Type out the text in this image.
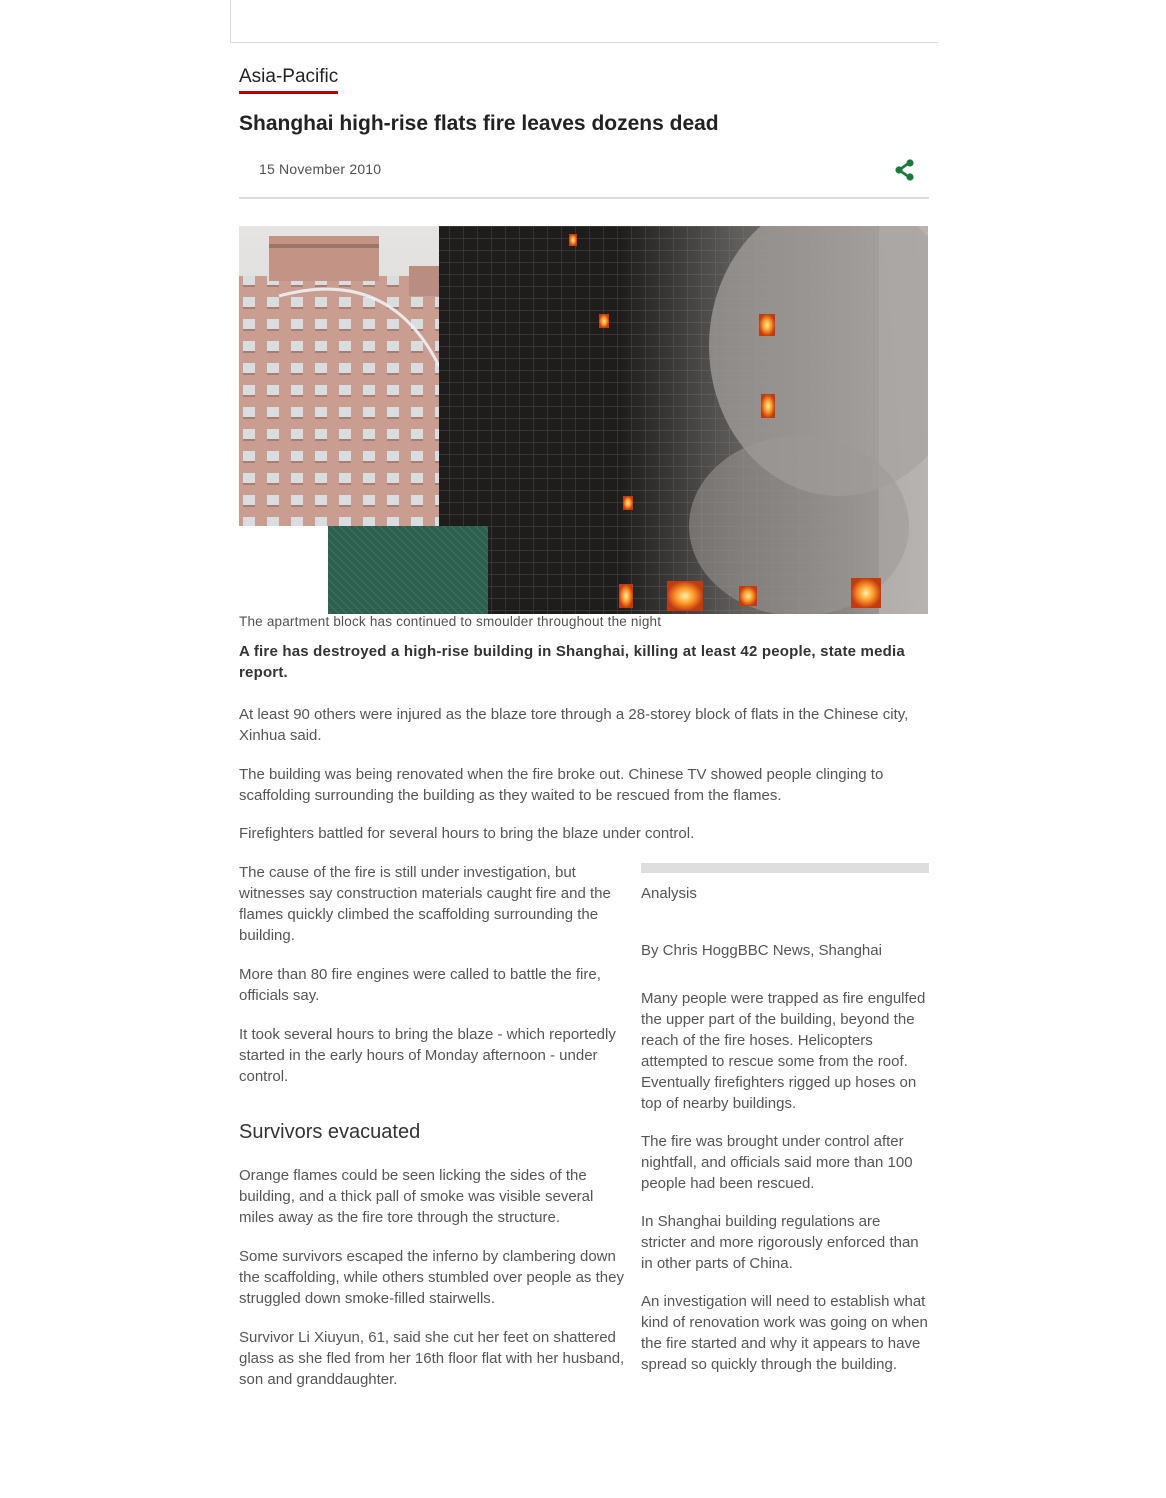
Asia-Pacific
Shanghai high-rise flats fire leaves dozens dead
15 November 2010
The apartment block has continued to smoulder throughout the night

A fire has destroyed a high-rise building in Shanghai, killing at least 42 people, state media report.

At least 90 others were injured as the blaze tore through a 28-storey block of flats in the Chinese city, Xinhua said.

The building was being renovated when the fire broke out. Chinese TV showed people clinging to scaffolding surrounding the building as they waited to be rescued from the flames.

Firefighters battled for several hours to bring the blaze under control.

The cause of the fire is still under investigation, but witnesses say construction materials caught fire and the flames quickly climbed the scaffolding surrounding the building.

More than 80 fire engines were called to battle the fire, officials say.

It took several hours to bring the blaze - which reportedly started in the early hours of Monday afternoon - under control.

Survivors evacuated

Orange flames could be seen licking the sides of the building, and a thick pall of smoke was visible several miles away as the fire tore through the structure.

Some survivors escaped the inferno by clambering down the scaffolding, while others stumbled over people as they struggled down smoke-filled stairwells.

Survivor Li Xiuyun, 61, said she cut her feet on shattered glass as she fled from her 16th floor flat with her husband, son and granddaughter.

Analysis
By Chris HoggBBC News, Shanghai

Many people were trapped as fire engulfed the upper part of the building, beyond the reach of the fire hoses. Helicopters attempted to rescue some from the roof. Eventually firefighters rigged up hoses on top of nearby buildings.

The fire was brought under control after nightfall, and officials said more than 100 people had been rescued.

In Shanghai building regulations are stricter and more rigorously enforced than in other parts of China.

An investigation will need to establish what kind of renovation work was going on when the fire started and why it appears to have spread so quickly through the building.
